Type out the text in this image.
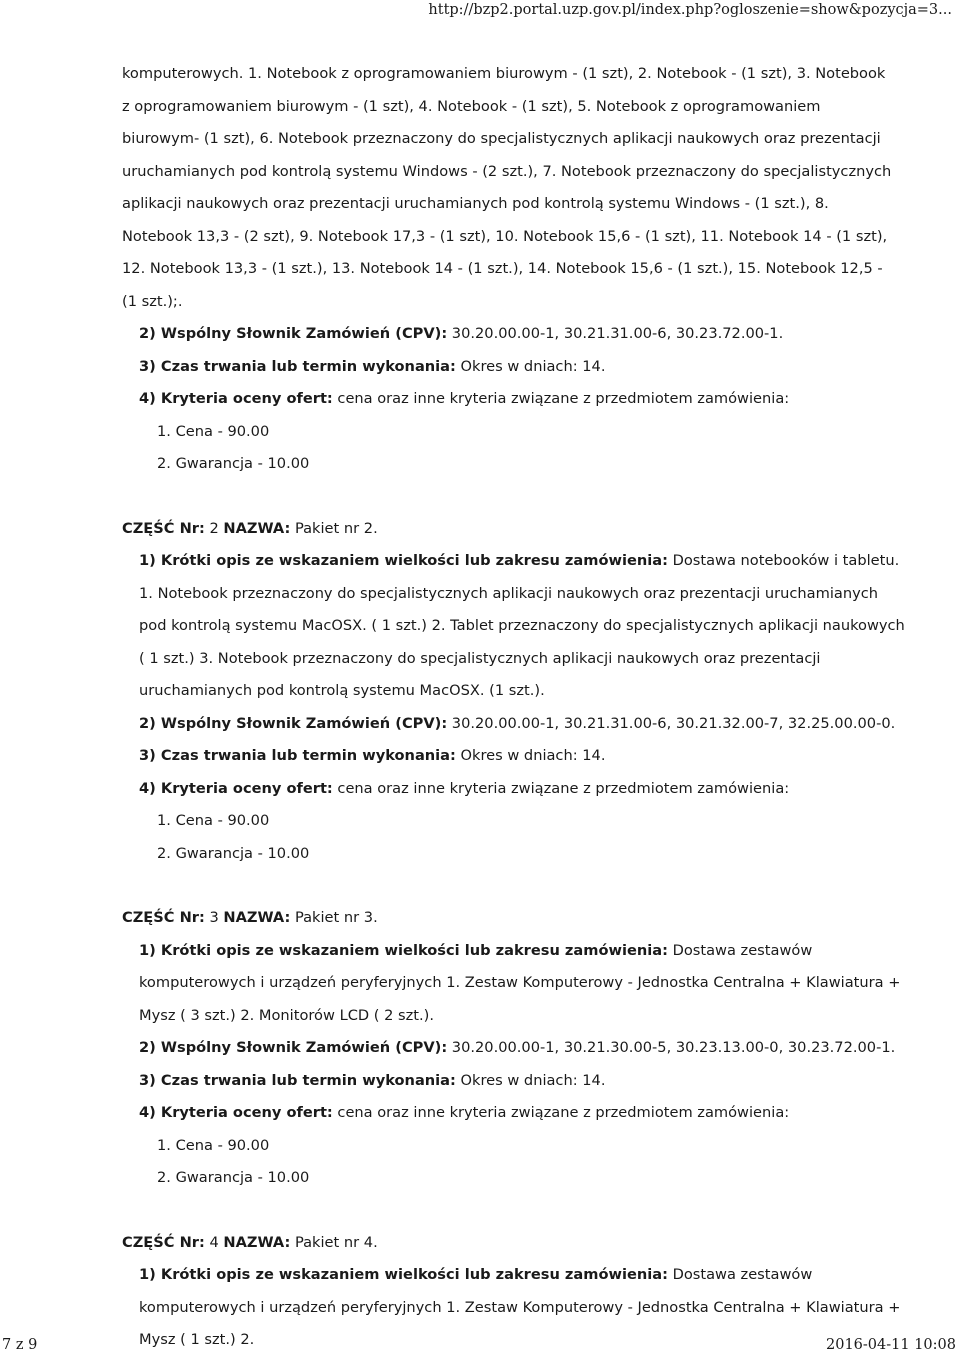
http://bzp2.portal.uzp.gov.pl/index.php?ogloszenie=show&pozycja=3...
komputerowych. 1. Notebook z oprogramowaniem biurowym - (1 szt), 2. Notebook - (1 szt), 3. Notebook z oprogramowaniem biurowym - (1 szt), 4. Notebook - (1 szt), 5. Notebook z oprogramowaniem biurowym- (1 szt), 6. Notebook przeznaczony do specjalistycznych aplikacji naukowych oraz prezentacji uruchamianych pod kontrolą systemu Windows - (2 szt.), 7. Notebook przeznaczony do specjalistycznych aplikacji naukowych oraz prezentacji uruchamianych pod kontrolą systemu Windows - (1 szt.), 8. Notebook 13,3 - (2 szt), 9. Notebook 17,3 - (1 szt), 10. Notebook 15,6 - (1 szt), 11. Notebook 14 - (1 szt), 12. Notebook 13,3 - (1 szt.), 13. Notebook 14 - (1 szt.), 14. Notebook 15,6 - (1 szt.), 15. Notebook 12,5 - (1 szt.);.
2) Wspólny Słownik Zamówień (CPV): 30.20.00.00-1, 30.21.31.00-6, 30.23.72.00-1.
3) Czas trwania lub termin wykonania: Okres w dniach: 14.
4) Kryteria oceny ofert: cena oraz inne kryteria związane z przedmiotem zamówienia:
1. Cena - 90.00
2. Gwarancja - 10.00
CZĘŚĆ Nr: 2 NAZWA: Pakiet nr 2.
1) Krótki opis ze wskazaniem wielkości lub zakresu zamówienia: Dostawa notebooków i tabletu. 1. Notebook przeznaczony do specjalistycznych aplikacji naukowych oraz prezentacji uruchamianych pod kontrolą systemu MacOSX. ( 1 szt.) 2. Tablet przeznaczony do specjalistycznych aplikacji naukowych ( 1 szt.) 3. Notebook przeznaczony do specjalistycznych aplikacji naukowych oraz prezentacji uruchamianych pod kontrolą systemu MacOSX. (1 szt.).
2) Wspólny Słownik Zamówień (CPV): 30.20.00.00-1, 30.21.31.00-6, 30.21.32.00-7, 32.25.00.00-0.
3) Czas trwania lub termin wykonania: Okres w dniach: 14.
4) Kryteria oceny ofert: cena oraz inne kryteria związane z przedmiotem zamówienia:
1. Cena - 90.00
2. Gwarancja - 10.00
CZĘŚĆ Nr: 3 NAZWA: Pakiet nr 3.
1) Krótki opis ze wskazaniem wielkości lub zakresu zamówienia: Dostawa zestawów komputerowych i urządzeń peryferyjnych 1. Zestaw Komputerowy - Jednostka Centralna + Klawiatura + Mysz ( 3 szt.) 2. Monitorów LCD ( 2 szt.).
2) Wspólny Słownik Zamówień (CPV): 30.20.00.00-1, 30.21.30.00-5, 30.23.13.00-0, 30.23.72.00-1.
3) Czas trwania lub termin wykonania: Okres w dniach: 14.
4) Kryteria oceny ofert: cena oraz inne kryteria związane z przedmiotem zamówienia:
1. Cena - 90.00
2. Gwarancja - 10.00
CZĘŚĆ Nr: 4 NAZWA: Pakiet nr 4.
1) Krótki opis ze wskazaniem wielkości lub zakresu zamówienia: Dostawa zestawów komputerowych i urządzeń peryferyjnych 1. Zestaw Komputerowy - Jednostka Centralna + Klawiatura + Mysz ( 1 szt.) 2.
7 z 9	2016-04-11 10:08
